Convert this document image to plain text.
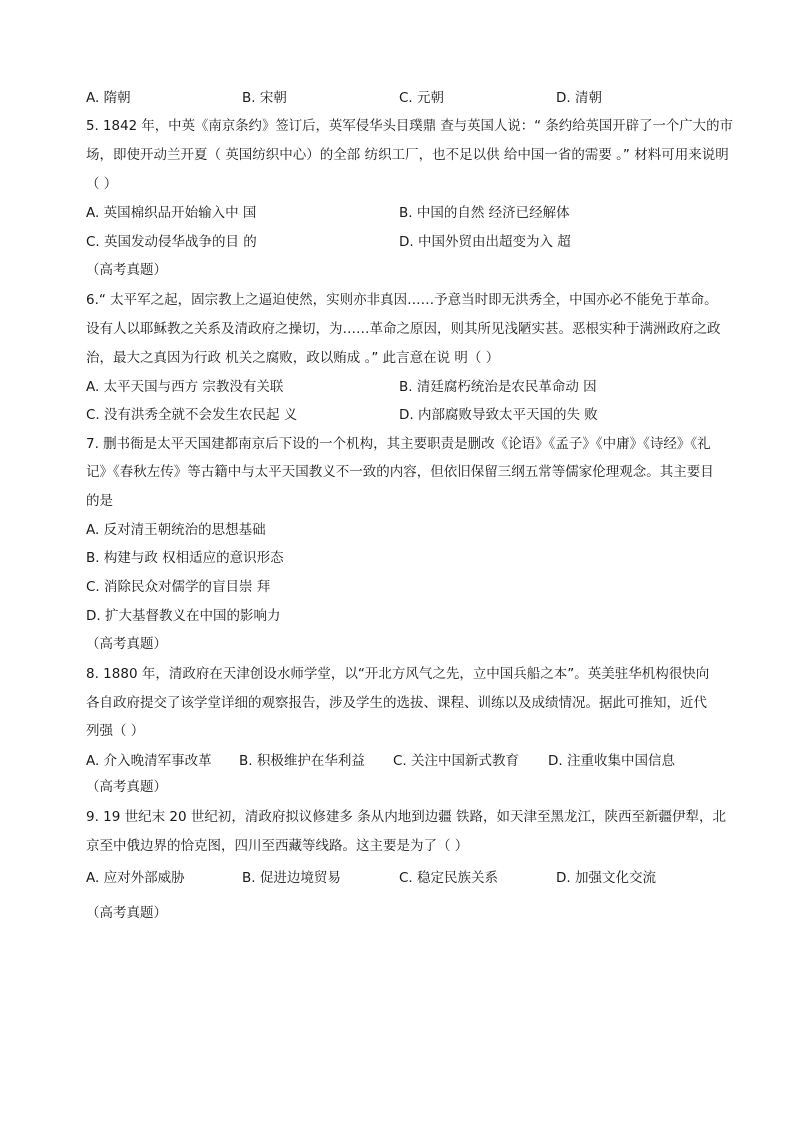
A. 隋朝	B. 宋朝	C. 元朝	D. 清朝
5. 1842 年，中英《南京条约》签订后，英军侵华头目璞鼎 查与英国人说：“ 条约给英国开辟了一个广大的市
场，即使开动兰开夏（ 英国纺织中心）的全部 纺织工厂，也不足以供 给中国一省的需要 。” 材料可用来说明
（ ）
A. 英国棉织品开始输入中 国	B. 中国的自然 经济已经解体
C. 英国发动侵华战争的目 的	D. 中国外贸由出超变为入 超
（高考真题）
6.“ 太平军之起，固宗教上之逼迫使然，实则亦非真因……予意当时即无洪秀全，中国亦必不能免于革命。
设有人以耶稣教之关系及清政府之操切，为……革命之原因，则其所见浅陋实甚。恶根实种于满洲政府之政
治，最大之真因为行政 机关之腐败，政以贿成 。” 此言意在说 明（ ）
A. 太平天国与西方 宗教没有关联	B. 清廷腐朽统治是农民革命动 因
C. 没有洪秀全就不会发生农民起 义	D. 内部腐败导致太平天国的失 败
7. 删书衙是太平天国建都南京后下设的一个机构，其主要职责是删改《论语》《孟子》《中庸》《诗经》《礼
记》《春秋左传》等古籍中与太平天国教义不一致的内容，但依旧保留三纲五常等儒家伦理观念。其主要目
的是
A. 反对清王朝统治的思想基础
B. 构建与政 权相适应的意识形态
C. 消除民众对儒学的盲目崇 拜
D. 扩大基督教义在中国的影响力
（高考真题）
8. 1880 年，清政府在天津创设水师学堂，以“开北方风气之先，立中国兵船之本”。英美驻华机构很快向
各自政府提交了该学堂详细的观察报告，涉及学生的选拔、课程、训练以及成绩情况。据此可推知，近代
列强（ ）
A. 介入晚清军事改革 B. 积极维护在华利益 C. 关注中国新式教育 D. 注重收集中国信息
（高考真题）
9. 19 世纪末 20 世纪初，清政府拟议修建多 条从内地到边疆 铁路，如天津至黑龙江，陕西至新疆伊犁，北
京至中俄边界的恰克图，四川至西藏等线路。这主要是为了（ ）
A. 应对外部威胁	B. 促进边境贸易	C. 稳定民族关系	D. 加强文化交流
（高考真题）
